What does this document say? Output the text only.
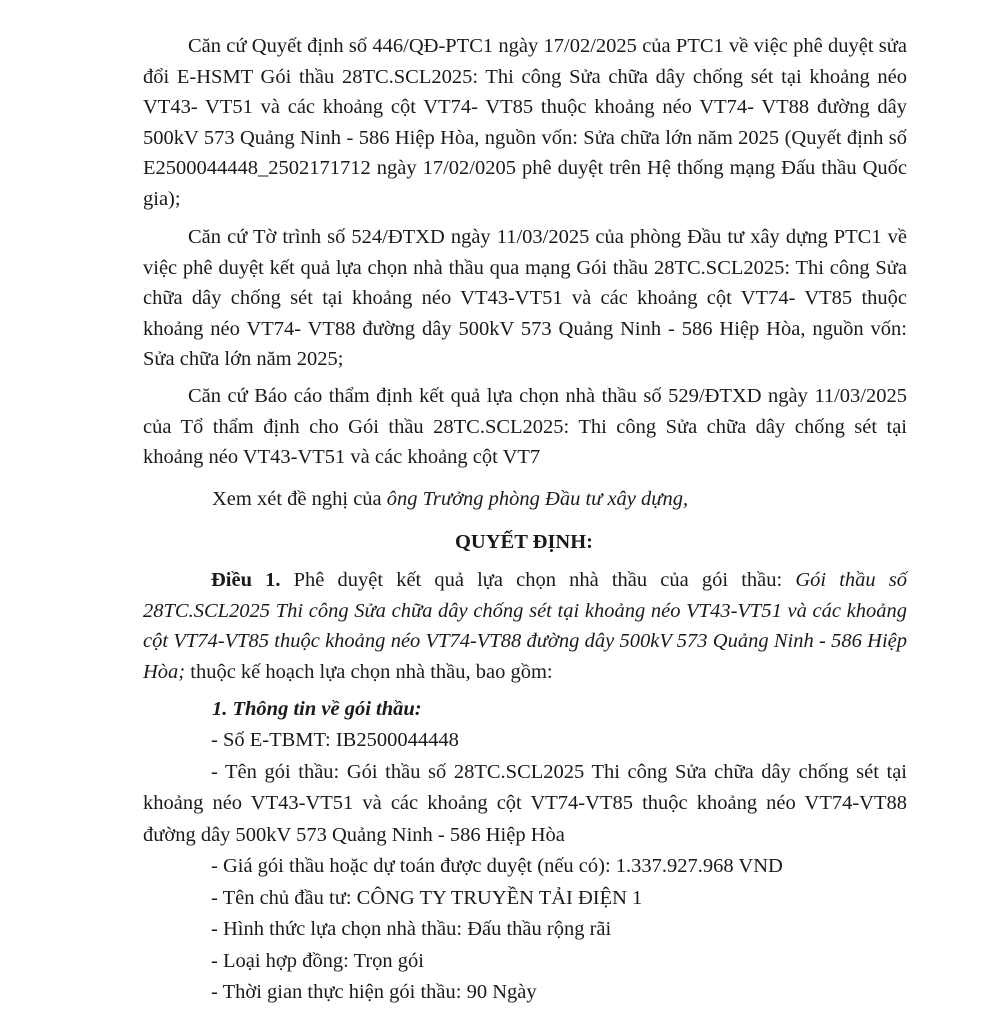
Căn cứ Quyết định số 446/QĐ-PTC1 ngày 17/02/2025 của PTC1 về việc phê duyệt sửa đổi E-HSMT Gói thầu 28TC.SCL2025: Thi công Sửa chữa dây chống sét tại khoảng néo VT43- VT51 và các khoảng cột VT74- VT85 thuộc khoảng néo VT74- VT88 đường dây 500kV 573 Quảng Ninh - 586 Hiệp Hòa, nguồn vốn: Sửa chữa lớn năm 2025 (Quyết định số E2500044448_2502171712 ngày 17/02/0205 phê duyệt trên Hệ thống mạng Đấu thầu Quốc gia);

Căn cứ Tờ trình số 524/ĐTXD ngày 11/03/2025 của phòng Đầu tư xây dựng PTC1 về việc phê duyệt kết quả lựa chọn nhà thầu qua mạng Gói thầu 28TC.SCL2025: Thi công Sửa chữa dây chống sét tại khoảng néo VT43-VT51 và các khoảng cột VT74- VT85 thuộc khoảng néo VT74- VT88 đường dây 500kV 573 Quảng Ninh - 586 Hiệp Hòa, nguồn vốn: Sửa chữa lớn năm 2025;

Căn cứ Báo cáo thẩm định kết quả lựa chọn nhà thầu số 529/ĐTXD ngày 11/03/2025 của Tổ thẩm định cho Gói thầu 28TC.SCL2025: Thi công Sửa chữa dây chống sét tại khoảng néo VT43-VT51 và các khoảng cột VT7

Xem xét đề nghị của ông Trưởng phòng Đầu tư xây dựng,
QUYẾT ĐỊNH:

Điều 1. Phê duyệt kết quả lựa chọn nhà thầu của gói thầu: Gói thầu số 28TC.SCL2025 Thi công Sửa chữa dây chống sét tại khoảng néo VT43-VT51 và các khoảng cột VT74-VT85 thuộc khoảng néo VT74-VT88 đường dây 500kV 573 Quảng Ninh - 586 Hiệp Hòa; thuộc kế hoạch lựa chọn nhà thầu, bao gồm:

1. Thông tin về gói thầu:

- Số E-TBMT: IB2500044448

- Tên gói thầu: Gói thầu số 28TC.SCL2025 Thi công Sửa chữa dây chống sét tại khoảng néo VT43-VT51 và các khoảng cột VT74-VT85 thuộc khoảng néo VT74-VT88 đường dây 500kV 573 Quảng Ninh - 586 Hiệp Hòa

- Giá gói thầu hoặc dự toán được duyệt (nếu có): 1.337.927.968 VND

- Tên chủ đầu tư: CÔNG TY TRUYỀN TẢI ĐIỆN 1

- Hình thức lựa chọn nhà thầu: Đấu thầu rộng rãi

- Loại hợp đồng: Trọn gói

- Thời gian thực hiện gói thầu: 90 Ngày
